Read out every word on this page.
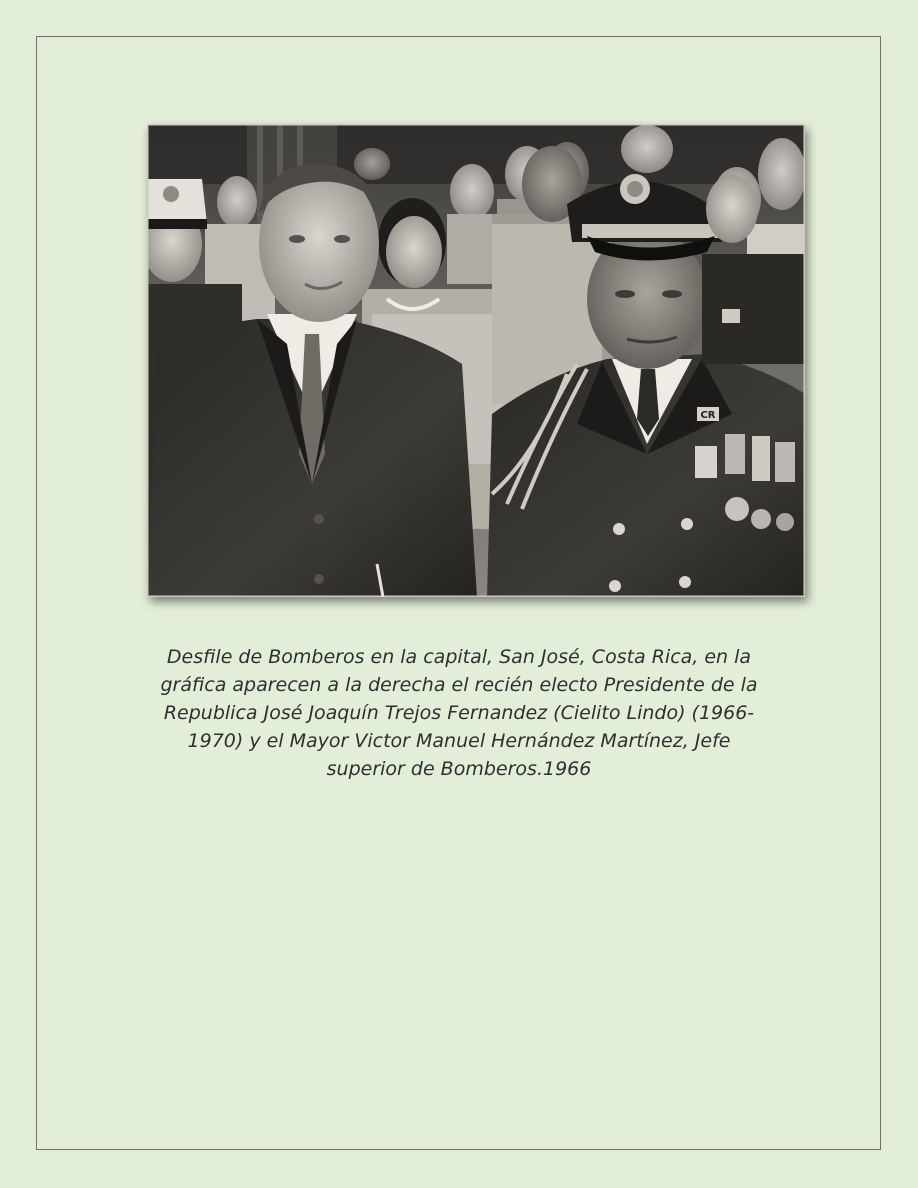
CR
Desfile de Bomberos en la capital, San José, Costa Rica, en la
gráfica aparecen a la derecha el recién electo Presidente de la
Republica José Joaquín Trejos Fernandez (Cielito Lindo) (1966-
1970) y el Mayor Victor Manuel Hernández Martínez, Jefe
superior de Bomberos.1966
